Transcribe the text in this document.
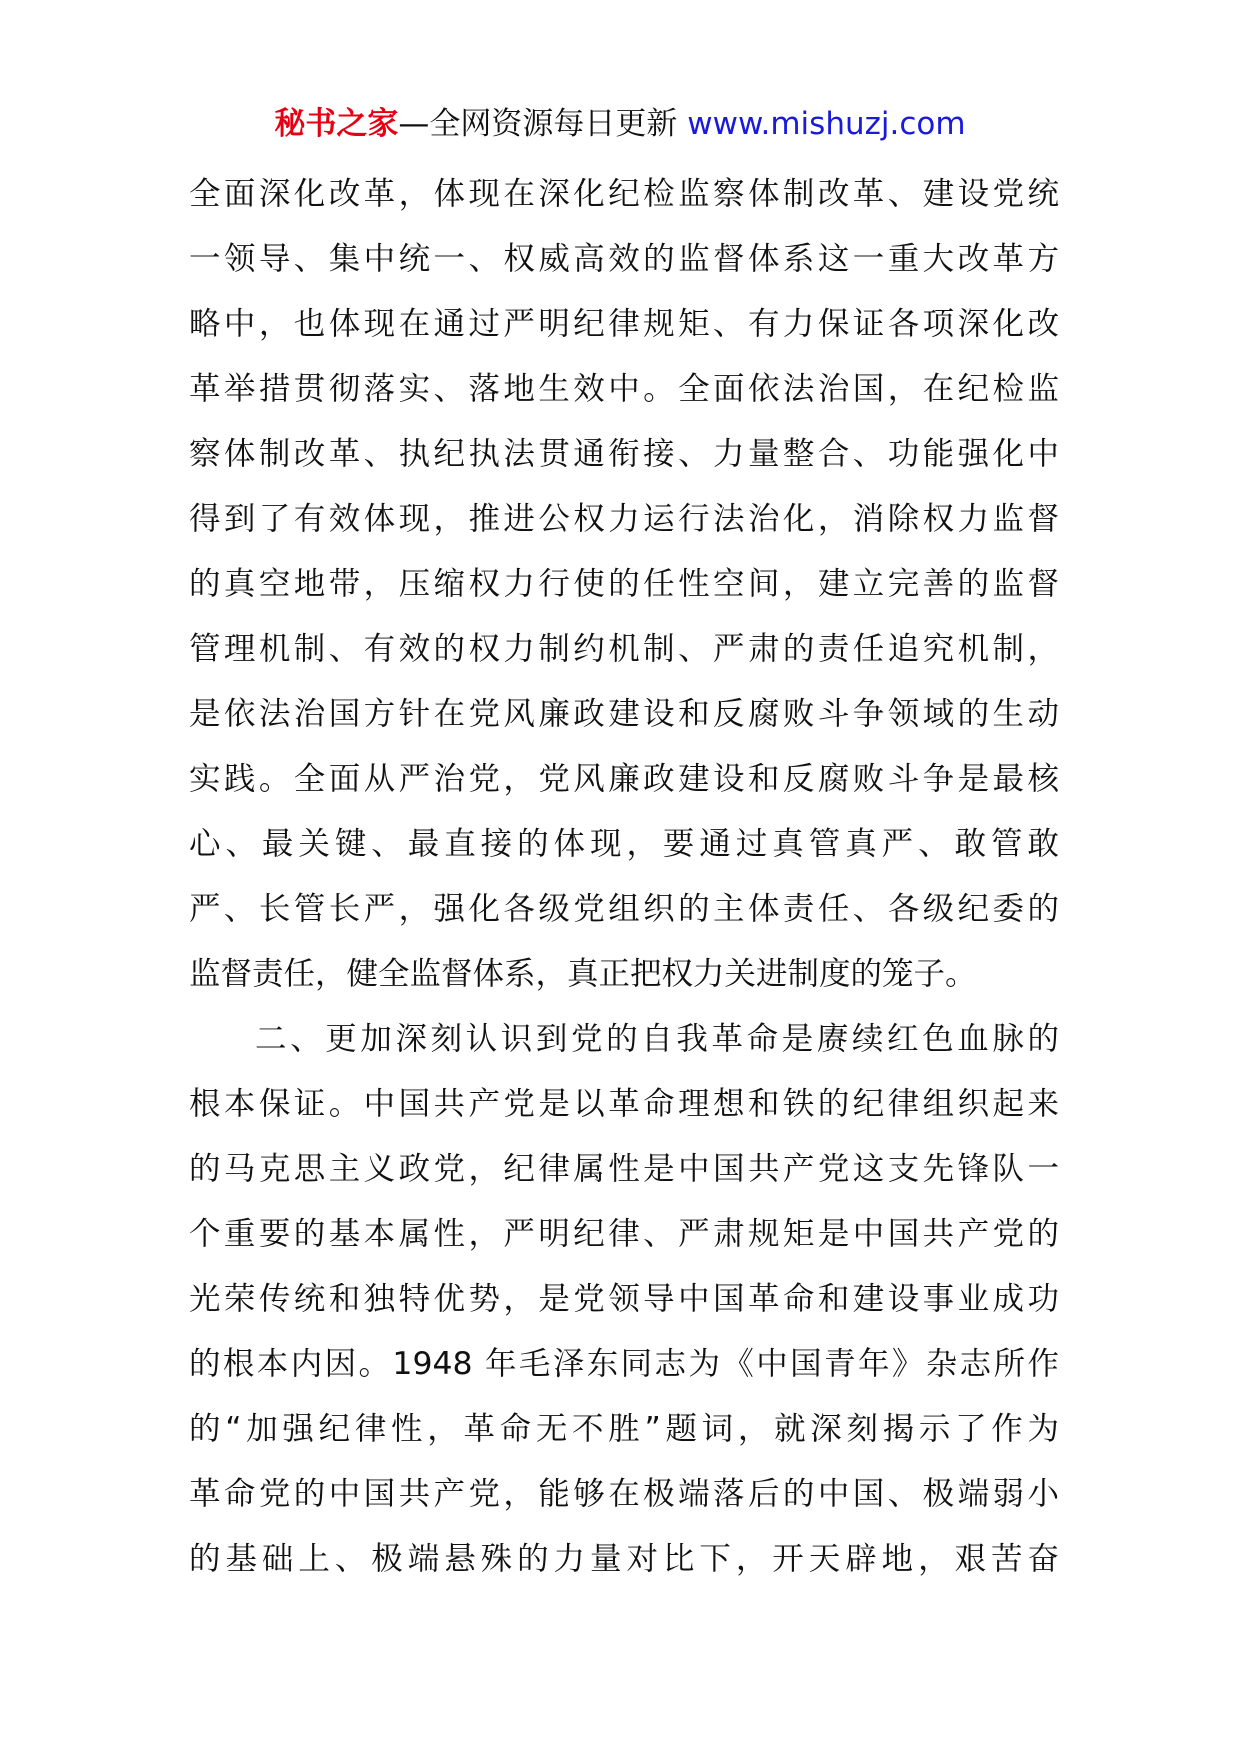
秘书之家—全网资源每日更新 www.mishuzj.com
全面深化改革，体现在深化纪检监察体制改革、建设党统
一领导、集中统一、权威高效的监督体系这一重大改革方
略中，也体现在通过严明纪律规矩、有力保证各项深化改
革举措贯彻落实、落地生效中。全面依法治国，在纪检监
察体制改革、执纪执法贯通衔接、力量整合、功能强化中
得到了有效体现，推进公权力运行法治化，消除权力监督
的真空地带，压缩权力行使的任性空间，建立完善的监督
管理机制、有效的权力制约机制、严肃的责任追究机制，
是依法治国方针在党风廉政建设和反腐败斗争领域的生动
实践。全面从严治党，党风廉政建设和反腐败斗争是最核
心、最关键、最直接的体现，要通过真管真严、敢管敢
严、长管长严，强化各级党组织的主体责任、各级纪委的
监督责任，健全监督体系，真正把权力关进制度的笼子。
二、更加深刻认识到党的自我革命是赓续红色血脉的
根本保证。中国共产党是以革命理想和铁的纪律组织起来
的马克思主义政党，纪律属性是中国共产党这支先锋队一
个重要的基本属性，严明纪律、严肃规矩是中国共产党的
光荣传统和独特优势，是党领导中国革命和建设事业成功
的根本内因。1948 年毛泽东同志为《中国青年》杂志所作
的“加强纪律性，革命无不胜”题词，就深刻揭示了作为
革命党的中国共产党，能够在极端落后的中国、极端弱小
的基础上、极端悬殊的力量对比下，开天辟地，艰苦奋
